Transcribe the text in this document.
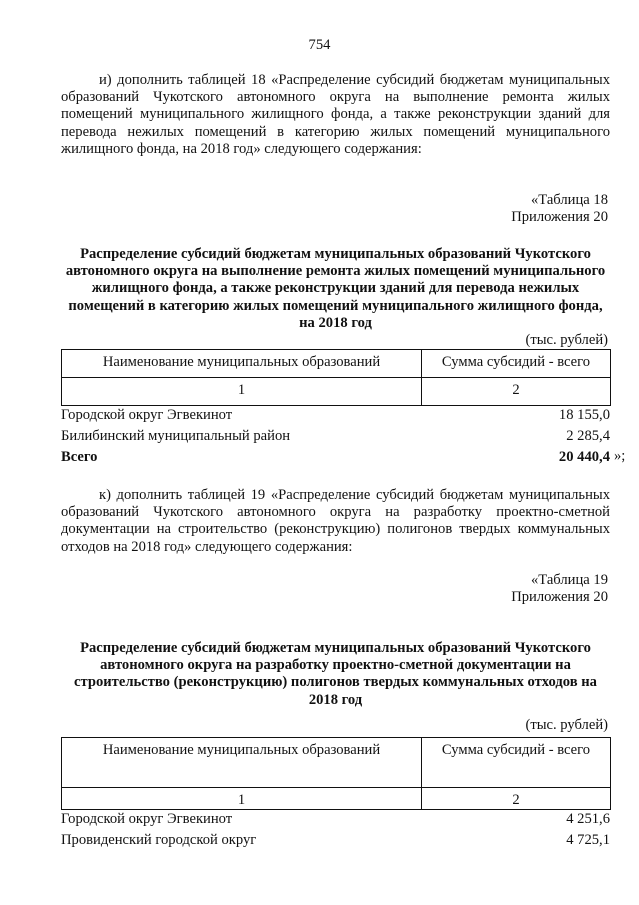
754
и) дополнить таблицей 18 «Распределение субсидий бюджетам муниципальных образований Чукотского автономного округа на выполнение ремонта жилых помещений муниципального жилищного фонда, а также реконструкции зданий для перевода нежилых помещений в категорию жилых помещений муниципального жилищного фонда, на 2018 год» следующего содержания:
«Таблица 18
Приложения 20
Распределение субсидий бюджетам муниципальных образований Чукотского автономного округа на выполнение ремонта жилых помещений муниципального жилищного фонда, а также реконструкции зданий для перевода нежилых помещений в категорию жилых помещений муниципального жилищного фонда, на 2018 год
(тыс. рублей)
Наименование муниципальных образований	Сумма субсидий - всего
1	2
Городской округ Эгвекинот	18 155,0
Билибинский муниципальный район	2 285,4
Всего	20 440,4 »;
к) дополнить таблицей 19 «Распределение субсидий бюджетам муниципальных образований Чукотского автономного округа на разработку проектно-сметной документации на строительство (реконструкцию) полигонов твердых коммунальных отходов на 2018 год» следующего содержания:
«Таблица 19
Приложения 20
Распределение субсидий бюджетам муниципальных образований Чукотского автономного округа на разработку проектно-сметной документации на строительство (реконструкцию) полигонов твердых коммунальных отходов на 2018 год
(тыс. рублей)
Наименование муниципальных образований	Сумма субсидий - всего
1	2
Городской округ Эгвекинот	4 251,6
Провиденский городской округ	4 725,1
